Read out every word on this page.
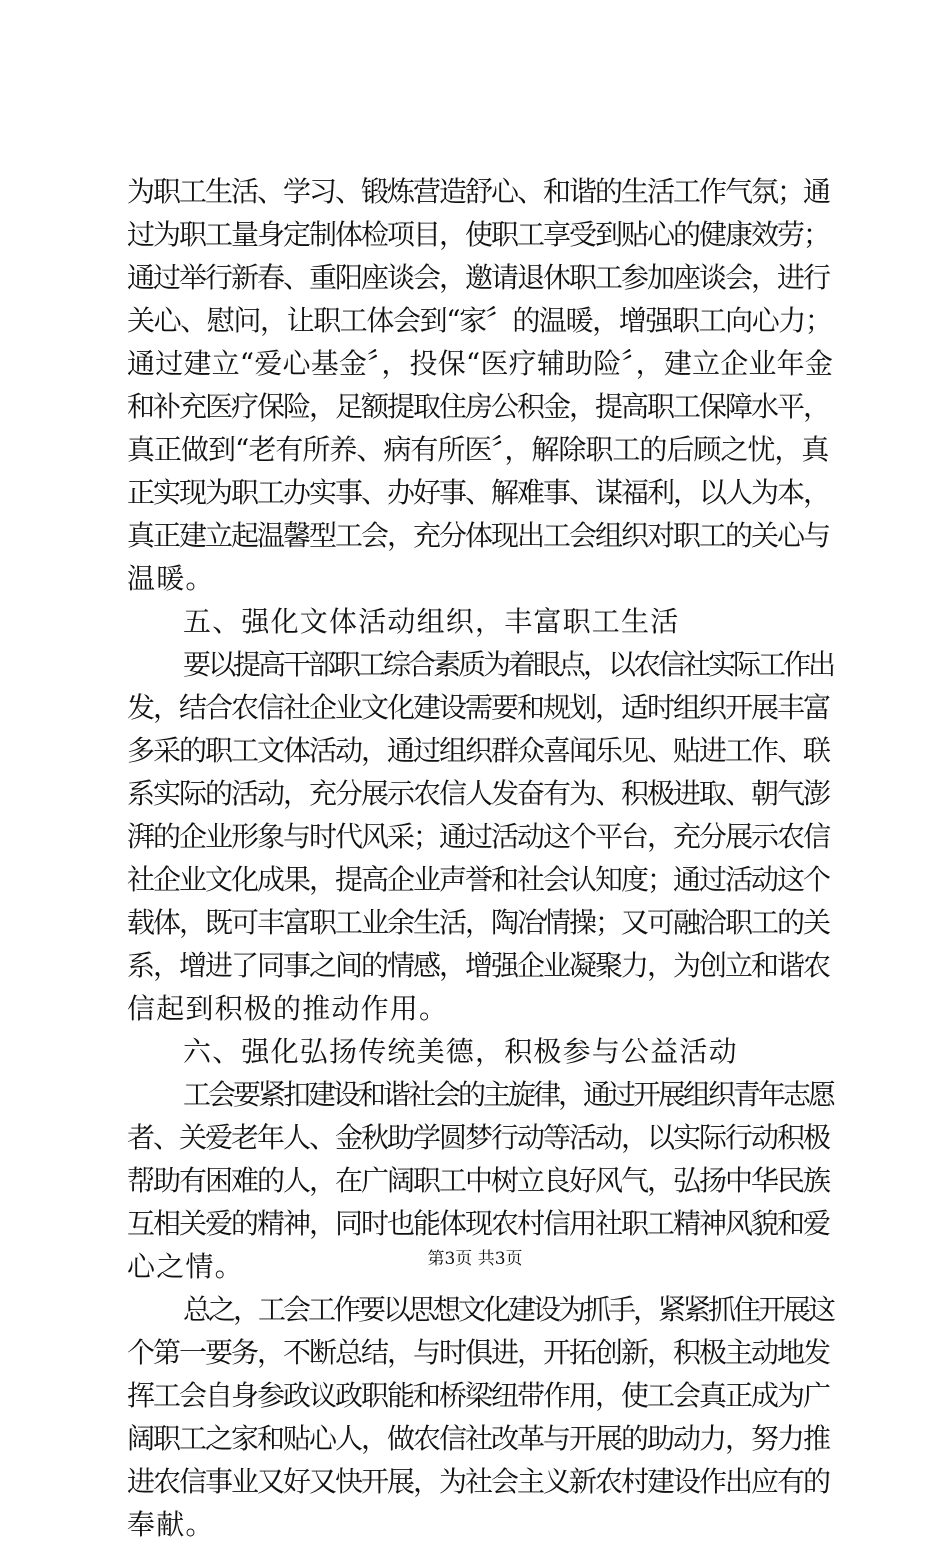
为职工生活、学习、锻炼营造舒心、和谐的生活工作气氛；通
过为职工量身定制体检项目，使职工享受到贴心的健康效劳；
通过举行新春、重阳座谈会，邀请退休职工参加座谈会，进行
关心、慰问，让职工体会到“家〞的温暖，增强职工向心力；
通过建立“爱心基金〞，投保“医疗辅助险〞，建立企业年金
和补充医疗保险，足额提取住房公积金，提高职工保障水平，
真正做到“老有所养、病有所医〞，解除职工的后顾之忧，真
正实现为职工办实事、办好事、解难事、谋福利，以人为本，
真正建立起温馨型工会，充分体现出工会组织对职工的关心与
温暖。
五、强化文体活动组织，丰富职工生活
要以提高干部职工综合素质为着眼点，以农信社实际工作出
发，结合农信社企业文化建设需要和规划，适时组织开展丰富
多采的职工文体活动，通过组织群众喜闻乐见、贴进工作、联
系实际的活动，充分展示农信人发奋有为、积极进取、朝气澎
湃的企业形象与时代风采；通过活动这个平台，充分展示农信
社企业文化成果，提高企业声誉和社会认知度；通过活动这个
载体，既可丰富职工业余生活，陶冶情操；又可融洽职工的关
系，增进了同事之间的情感，增强企业凝聚力，为创立和谐农
信起到积极的推动作用。
六、强化弘扬传统美德，积极参与公益活动
工会要紧扣建设和谐社会的主旋律，通过开展组织青年志愿
者、关爱老年人、金秋助学圆梦行动等活动，以实际行动积极
帮助有困难的人，在广阔职工中树立良好风气，弘扬中华民族
互相关爱的精神，同时也能体现农村信用社职工精神风貌和爱
心之情。
总之，工会工作要以思想文化建设为抓手，紧紧抓住开展这
个第一要务，不断总结，与时俱进，开拓创新，积极主动地发
挥工会自身参政议政职能和桥梁纽带作用，使工会真正成为广
阔职工之家和贴心人，做农信社改革与开展的助动力，努力推
进农信事业又好又快开展，为社会主义新农村建设作出应有的
奉献。
第3页 共3页
